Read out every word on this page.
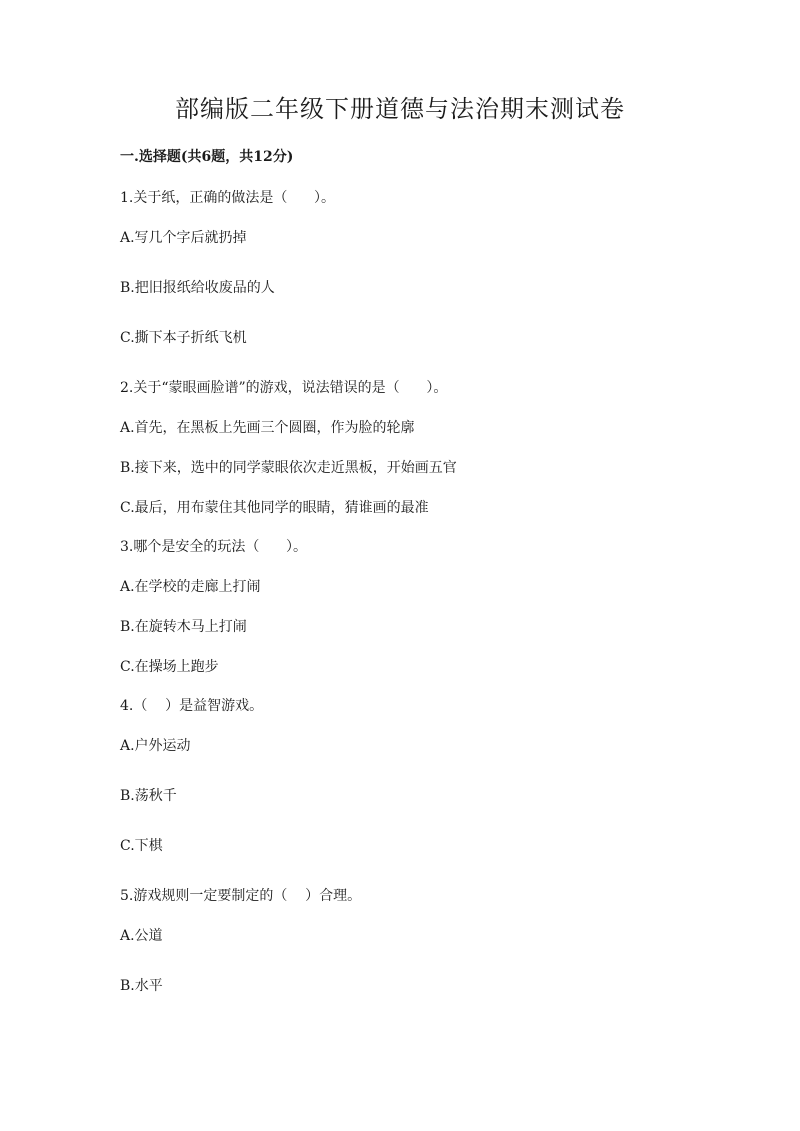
部编版二年级下册道德与法治期末测试卷
一.选择题(共6题，共12分)
1.关于纸，正确的做法是（      ）。
A.写几个字后就扔掉
B.把旧报纸给收废品的人
C.撕下本子折纸飞机
2.关于“蒙眼画脸谱”的游戏，说法错误的是（      ）。
A.首先，在黑板上先画三个圆圈，作为脸的轮廓
B.接下来，选中的同学蒙眼依次走近黑板，开始画五官
C.最后，用布蒙住其他同学的眼睛，猜谁画的最准
3.哪个是安全的玩法（      ）。
A.在学校的走廊上打闹
B.在旋转木马上打闹
C.在操场上跑步
4.（    ）是益智游戏。
A.户外运动
B.荡秋千
C.下棋
5.游戏规则一定要制定的（    ）合理。
A.公道
B.水平
